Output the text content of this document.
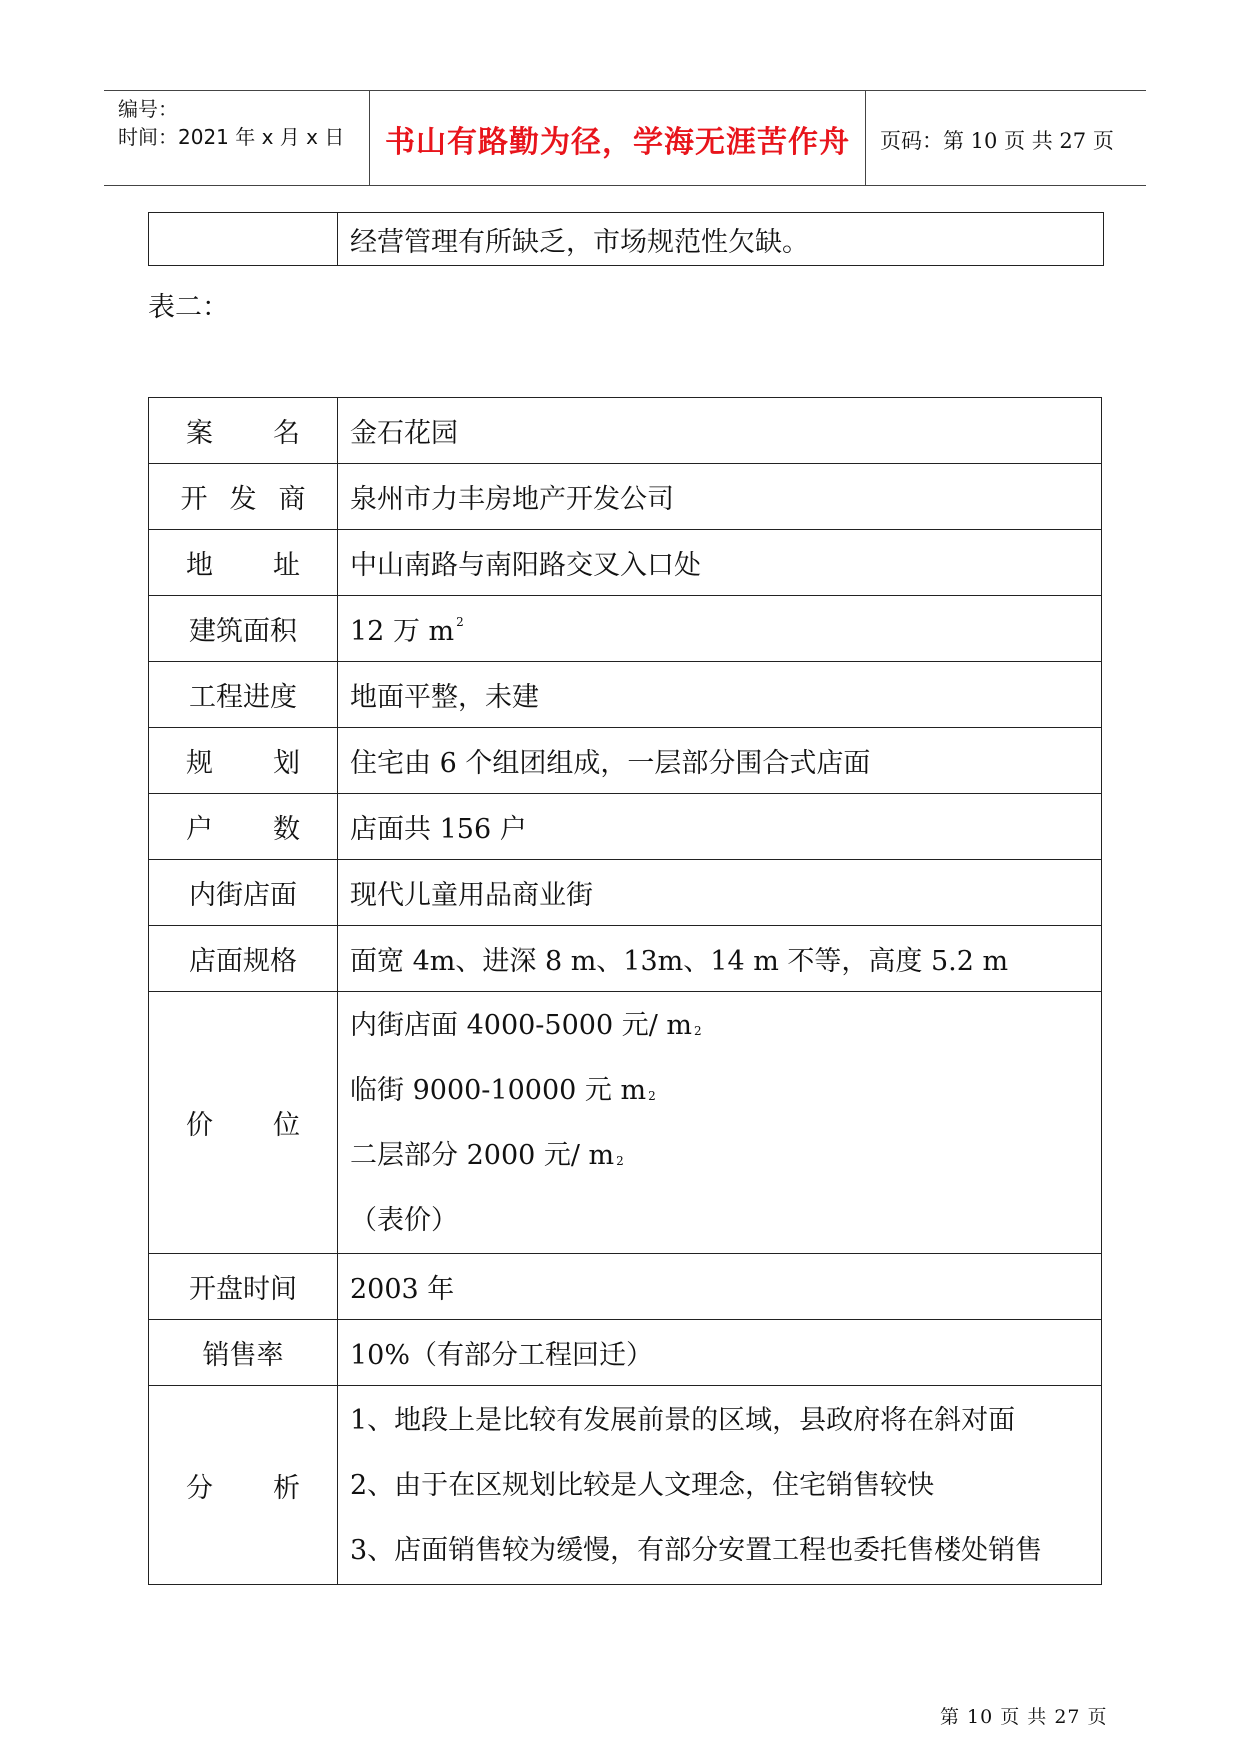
编号：
时间：2021 年 x 月 x 日	书山有路勤为径，学海无涯苦作舟	页码：第 10 页 共 27 页
	经营管理有所缺乏，市场规范性欠缺。
表二：
案 名	金石花园

开 发 商	泉州市力丰房地产开发公司

地 址	中山南路与南阳路交叉入口处

建筑面积	12 万 m $^2$

工程进度	地面平整，未建

规 划	住宅由 6 个组团组成，一层部分围合式店面

户 数	店面共 156 户

内街店面	现代儿童用品商业街

店面规格	面宽 4m、进深 8 m、13m、14 m 不等，高度 5.2 m

价 位	内街店面 4000-5000 元/ m $^2$
临街 9000-10000 元 m $^2$
二层部分 2000 元/ m $^2$
（表价）

开盘时间	2003 年

销售率	10%（有部分工程回迁）

分 析	1、地段上是比较有发展前景的区域，县政府将在斜对面
2、由于在区规划比较是人文理念，住宅销售较快
3、店面销售较为缓慢，有部分安置工程也委托售楼处销售
第 10 页 共 27 页
